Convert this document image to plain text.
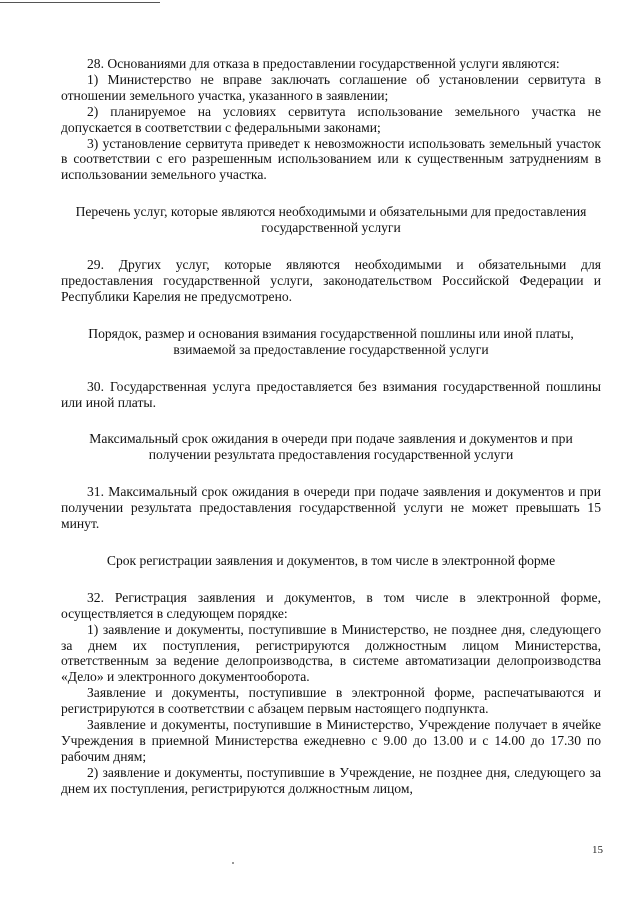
28. Основаниями для отказа в предоставлении государственной услуги являются:

1) Министерство не вправе заключать соглашение об установлении сервитута в отношении земельного участка, указанного в заявлении;

2) планируемое на условиях сервитута использование земельного участка не допускается в соответствии с федеральными законами;

3) установление сервитута приведет к невозможности использовать земельный участок в соответствии с его разрешенным использованием или к существенным затруднениям в использовании земельного участка.

Перечень услуг, которые являются необходимыми и обязательными для предоставления государственной услуги

29. Других услуг, которые являются необходимыми и обязательными для предоставления государственной услуги, законодательством Российской Федерации и Республики Карелия не предусмотрено.

Порядок, размер и основания взимания государственной пошлины или иной платы, взимаемой за предоставление государственной услуги

30. Государственная услуга предоставляется без взимания государственной пошлины или иной платы.

Максимальный срок ожидания в очереди при подаче заявления и документов и при получении результата предоставления государственной услуги

31. Максимальный срок ожидания в очереди при подаче заявления и документов и при получении результата предоставления государственной услуги не может превышать 15 минут.

Срок регистрации заявления и документов, в том числе в электронной форме

32. Регистрация заявления и документов, в том числе в электронной форме, осуществляется в следующем порядке:

1) заявление и документы, поступившие в Министерство, не позднее дня, следующего за днем их поступления, регистрируются должностным лицом Министерства, ответственным за ведение делопроизводства, в системе автоматизации делопроизводства «Дело» и электронного документооборота.

Заявление и документы, поступившие в электронной форме, распечатываются и регистрируются в соответствии с абзацем первым настоящего подпункта.

Заявление и документы, поступившие в Министерство, Учреждение получает в ячейке Учреждения в приемной Министерства ежедневно с 9.00 до 13.00 и с 14.00 до 17.30 по рабочим дням;

2) заявление и документы, поступившие в Учреждение, не позднее дня, следующего за днем их поступления, регистрируются должностным лицом,

15
